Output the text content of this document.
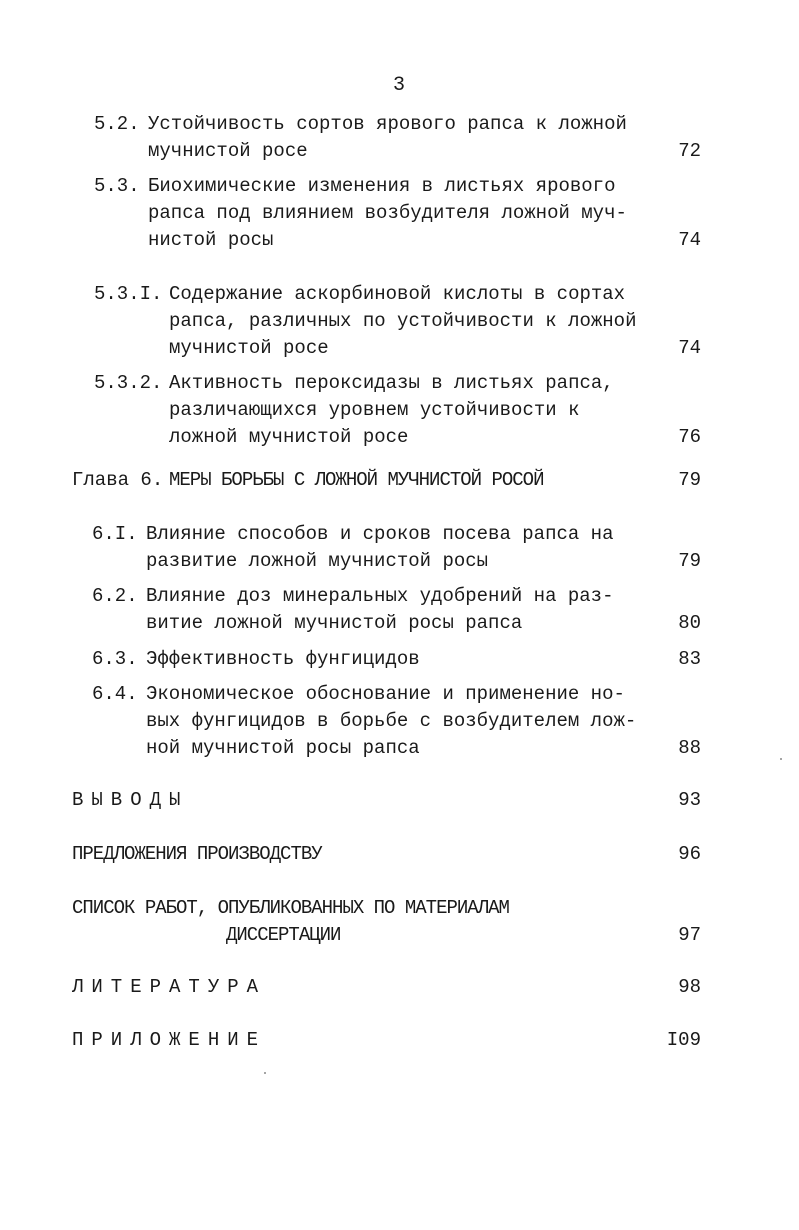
3
5.2. Устойчивость сортов ярового рапса к ложной
мучнистой росе	72
5.3. Биохимические изменения в листьях ярового
рапса под влиянием возбудителя ложной муч-
нистой росы	74
5.3.I. Содержание аскорбиновой кислоты в сортах
рапса, различных по устойчивости к ложной
мучнистой росе	74
5.3.2. Активность пероксидазы в листьях рапса,
различающихся уровнем устойчивости к
ложной мучнистой росе	76
Глава 6. МЕРЫ БОРЬБЫ С ЛОЖНОЙ МУЧНИСТОЙ РОСОЙ	79
6.I. Влияние способов и сроков посева рапса на
развитие ложной мучнистой росы	79
6.2. Влияние доз минеральных удобрений на раз-
витие ложной мучнистой росы рапса	80
6.3. Эффективность фунгицидов	83
6.4. Экономическое обоснование и применение но-
вых фунгицидов в борьбе с возбудителем лож-
ной мучнистой росы рапса	88
ВЫВОДЫ	93
ПРЕДЛОЖЕНИЯ ПРОИЗВОДСТВУ	96
СПИСОК РАБОТ, ОПУБЛИКОВАННЫХ ПО МАТЕРИАЛАМ
ДИССЕРТАЦИИ	97
ЛИТЕРАТУРА	98
ПРИЛОЖЕНИЕ	I09
